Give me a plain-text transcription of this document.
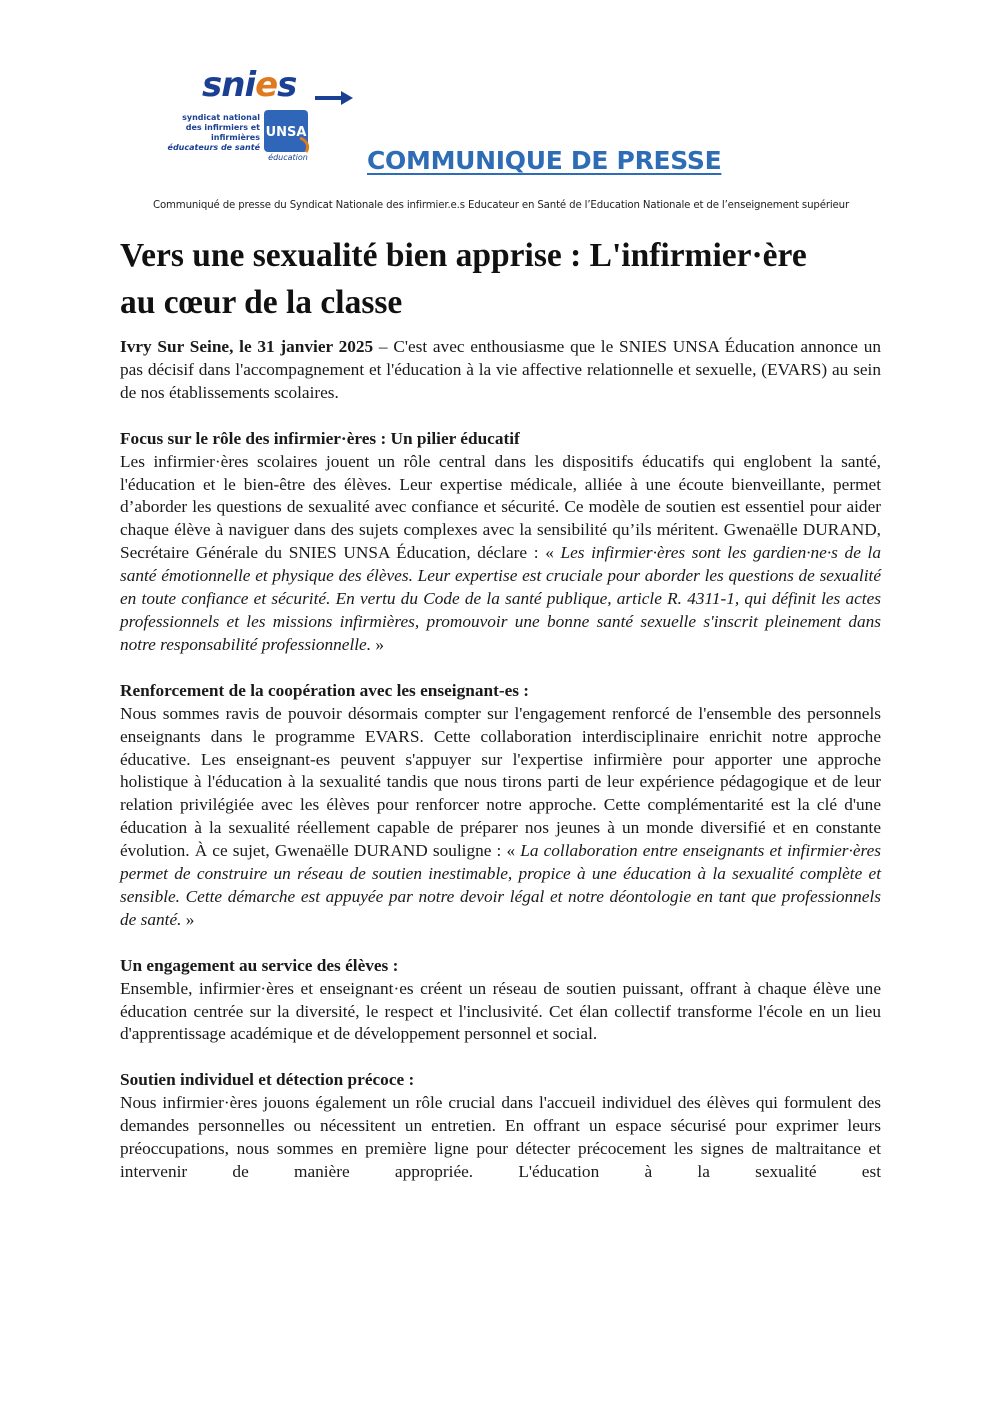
snies
syndicat national
des infirmiers et infirmières
éducateurs de santé
UNSA
éducation COMMUNIQUE DE PRESSE
Communiqué de presse du Syndicat Nationale des infirmier.e.s Educateur en Santé de l’Education Nationale et de l’enseignement supérieur
Vers une sexualité bien apprise : L'infirmier·ère
au cœur de la classe

Ivry Sur Seine, le 31 janvier 2025 – C'est avec enthousiasme que le SNIES UNSA Éducation annonce un pas décisif dans l'accompagnement et l'éducation à la vie affective relationnelle et sexuelle, (EVARS) au sein de nos établissements scolaires.

Focus sur le rôle des infirmier·ères : Un pilier éducatif

Les infirmier·ères scolaires jouent un rôle central dans les dispositifs éducatifs qui englobent la santé, l'éducation et le bien-être des élèves. Leur expertise médicale, alliée à une écoute bienveillante, permet d’aborder les questions de sexualité avec confiance et sécurité. Ce modèle de soutien est essentiel pour aider chaque élève à naviguer dans des sujets complexes avec la sensibilité qu’ils méritent. Gwenaëlle DURAND, Secrétaire Générale du SNIES UNSA Éducation, déclare : « Les infirmier·ères sont les gardien·ne·s de la santé émotionnelle et physique des élèves. Leur expertise est cruciale pour aborder les questions de sexualité en toute confiance et sécurité. En vertu du Code de la santé publique, article R. 4311-1, qui définit les actes professionnels et les missions infirmières, promouvoir une bonne santé sexuelle s'inscrit pleinement dans notre responsabilité professionnelle. »

Renforcement de la coopération avec les enseignant-es :

Nous sommes ravis de pouvoir désormais compter sur l'engagement renforcé de l'ensemble des personnels enseignants dans le programme EVARS. Cette collaboration interdisciplinaire enrichit notre approche éducative. Les enseignant-es peuvent s'appuyer sur l'expertise infirmière pour apporter une approche holistique à l'éducation à la sexualité tandis que nous tirons parti de leur expérience pédagogique et de leur relation privilégiée avec les élèves pour renforcer notre approche. Cette complémentarité est la clé d'une éducation à la sexualité réellement capable de préparer nos jeunes à un monde diversifié et en constante évolution. À ce sujet, Gwenaëlle DURAND souligne : « La collaboration entre enseignants et infirmier·ères permet de construire un réseau de soutien inestimable, propice à une éducation à la sexualité complète et sensible. Cette démarche est appuyée par notre devoir légal et notre déontologie en tant que professionnels de santé. »

Un engagement au service des élèves :

Ensemble, infirmier·ères et enseignant·es créent un réseau de soutien puissant, offrant à chaque élève une éducation centrée sur la diversité, le respect et l'inclusivité. Cet élan collectif transforme l'école en un lieu d'apprentissage académique et de développement personnel et social.

Soutien individuel et détection précoce :

Nous infirmier·ères jouons également un rôle crucial dans l'accueil individuel des élèves qui formulent des demandes personnelles ou nécessitent un entretien. En offrant un espace sécurisé pour exprimer leurs préoccupations, nous sommes en première ligne pour détecter précocement les signes de maltraitance et intervenir de manière appropriée. L'éducation à la sexualité est
